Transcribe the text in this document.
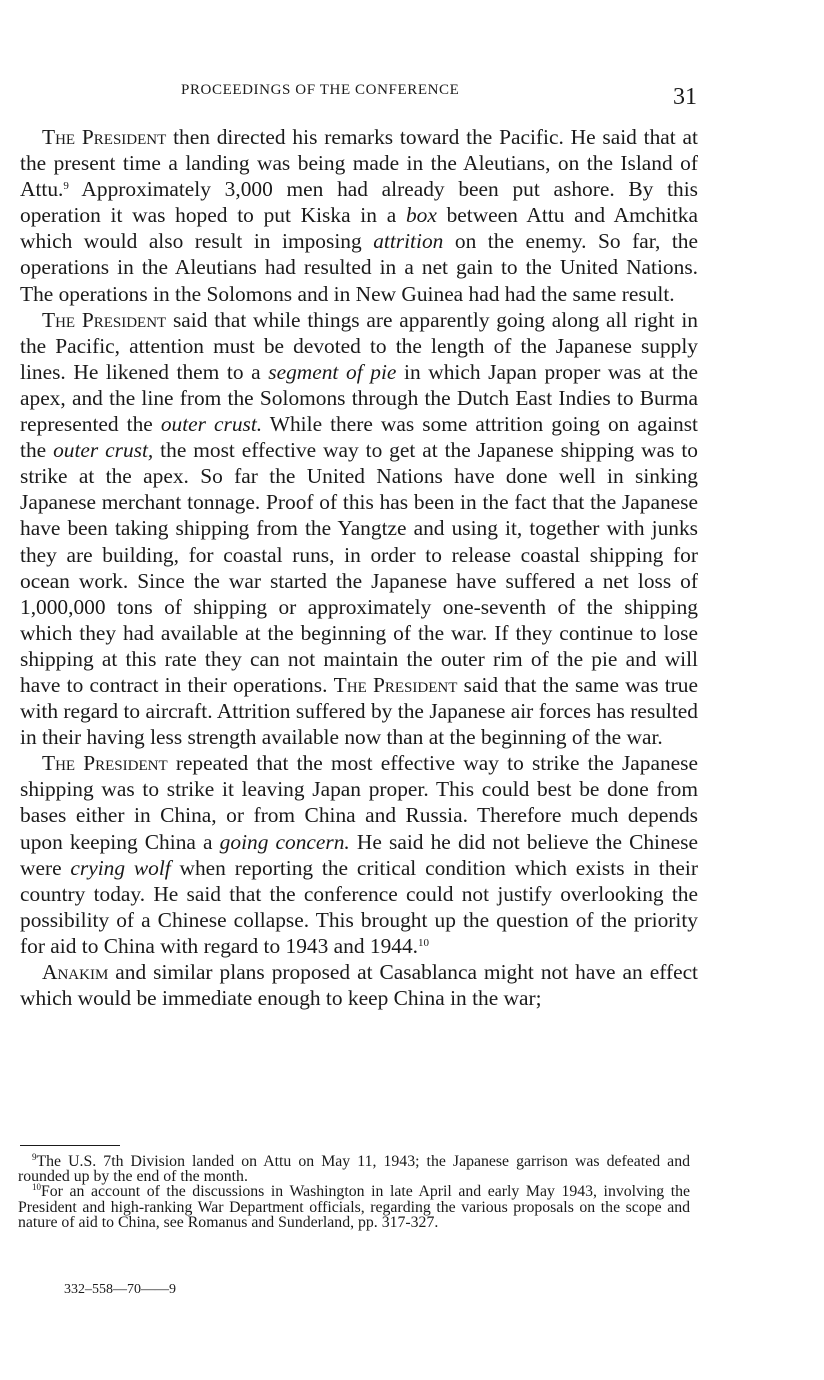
PROCEEDINGS OF THE CONFERENCE	31

The President then directed his remarks toward the Pacific. He said that at the present time a landing was being made in the Aleutians, on the Island of Attu.$^9$ Approximately 3,000 men had already been put ashore. By this operation it was hoped to put Kiska in a box between Attu and Amchitka which would also result in imposing attrition on the enemy. So far, the operations in the Aleutians had resulted in a net gain to the United Nations. The operations in the Solomons and in New Guinea had had the same result.

The President said that while things are apparently going along all right in the Pacific, attention must be devoted to the length of the Japanese supply lines. He likened them to a segment of pie in which Japan proper was at the apex, and the line from the Solomons through the Dutch East Indies to Burma represented the outer crust. While there was some attrition going on against the outer crust, the most effective way to get at the Japanese shipping was to strike at the apex. So far the United Nations have done well in sinking Japanese merchant tonnage. Proof of this has been in the fact that the Japanese have been taking shipping from the Yangtze and using it, together with junks they are building, for coastal runs, in order to release coastal shipping for ocean work. Since the war started the Japanese have suffered a net loss of 1,000,000 tons of shipping or approximately one-seventh of the shipping which they had available at the beginning of the war. If they continue to lose shipping at this rate they can not maintain the outer rim of the pie and will have to contract in their operations. The President said that the same was true with regard to aircraft. Attrition suffered by the Japanese air forces has resulted in their having less strength available now than at the beginning of the war.

The President repeated that the most effective way to strike the Japanese shipping was to strike it leaving Japan proper. This could best be done from bases either in China, or from China and Russia. Therefore much depends upon keeping China a going concern. He said he did not believe the Chinese were crying wolf when reporting the critical condition which exists in their country today. He said that the conference could not justify overlooking the possibility of a Chinese collapse. This brought up the question of the priority for aid to China with regard to 1943 and 1944.10

Anakim and similar plans proposed at Casablanca might not have an effect which would be immediate enough to keep China in the war;

$^9$The U.S. 7th Division landed on Attu on May 11, 1943; the Japanese garrison was defeated and rounded up by the end of the month.

$^{10}$For an account of the discussions in Washington in late April and early May 1943, involving the President and high-ranking War Department officials, regarding the various proposals on the scope and nature of aid to China, see Romanus and Sunderland, pp. 317-327.

332–558—70——9
